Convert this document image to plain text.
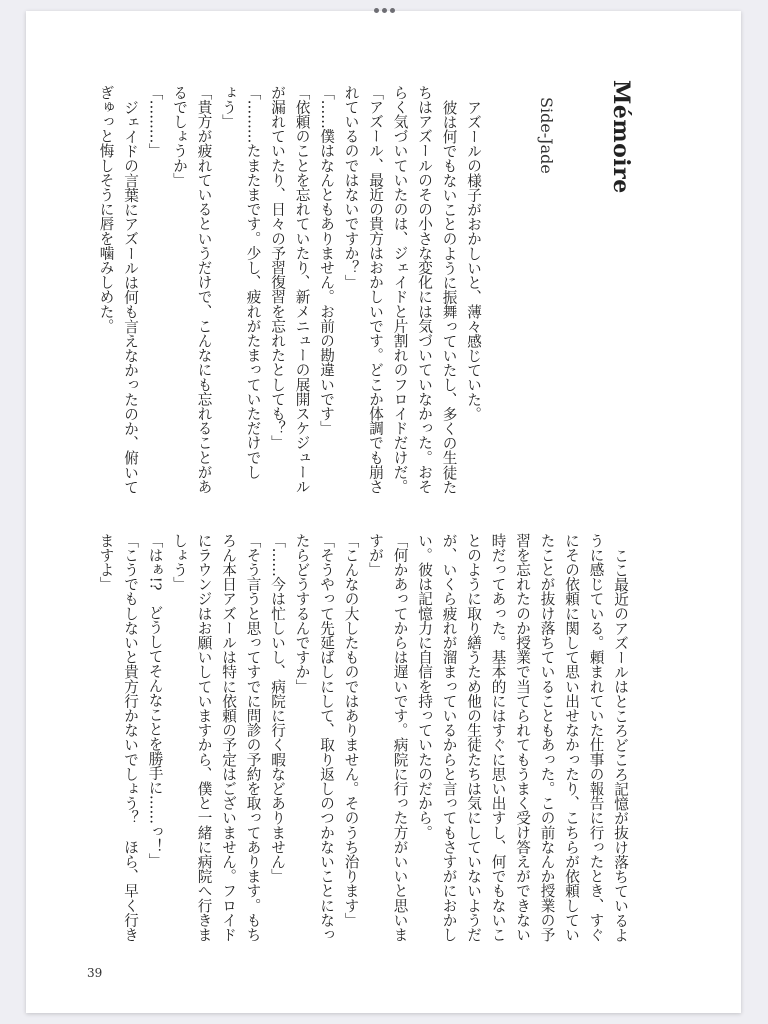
Mémoire
Side-Jade
アズールの様子がおかしいと、薄々感じていた。
彼は何でもないことのように振舞っていたし、多くの生徒た
ちはアズールのその小さな変化には気づいていなかった。おそ
らく気づいていたのは、ジェイドと片割れのフロイドだけだ。
「アズール、最近の貴方はおかしいです。どこか体調でも崩さ
れているのではないですか？」
「……僕はなんともありません。お前の勘違いです」
「依頼のことを忘れていたり、新メニューの展開スケジュール
が漏れていたり、日々の予習復習を忘れたとしても？」
「………たまたまです。少し、疲れがたまっていただけでし
ょう」
「貴方が疲れているというだけで、こんなにも忘れることがあ
るでしょうか」
「………」
ジェイドの言葉にアズールは何も言えなかったのか、俯いて
ぎゅっと悔しそうに唇を噛みしめた。
ここ最近のアズールはところどころ記憶が抜け落ちているよ
うに感じている。頼まれていた仕事の報告に行ったとき、すぐ
にその依頼に関して思い出せなかったり、こちらが依頼してい
たことが抜け落ちていることもあった。この前なんか授業の予
習を忘れたのか授業で当てられてもうまく受け答えができない
時だってあった。基本的にはすぐに思い出すし、何でもないこ
とのように取り繕うため他の生徒たちは気にしていないようだ
が、いくら疲れが溜まっているからと言ってもさすがにおかし
い。彼は記憶力に自信を持っていたのだから。
「何かあってからは遅いです。病院に行った方がいいと思いま
すが」
「こんなの大したものではありません。そのうち治ります」
「そうやって先延ばしにして、取り返しのつかないことになっ
たらどうするんですか」
「……今は忙しいし、病院に行く暇などありません」
「そう言うと思ってすでに問診の予約を取ってあります。もち
ろん本日アズールは特に依頼の予定はございません。フロイド
にラウンジはお願いしていますから、僕と一緒に病院へ行きま
しょう」
「はぁ!?　どうしてそんなことを勝手に……っ！」
「こうでもしないと貴方行かないでしょう？　ほら、早く行き
ますよ」
39
